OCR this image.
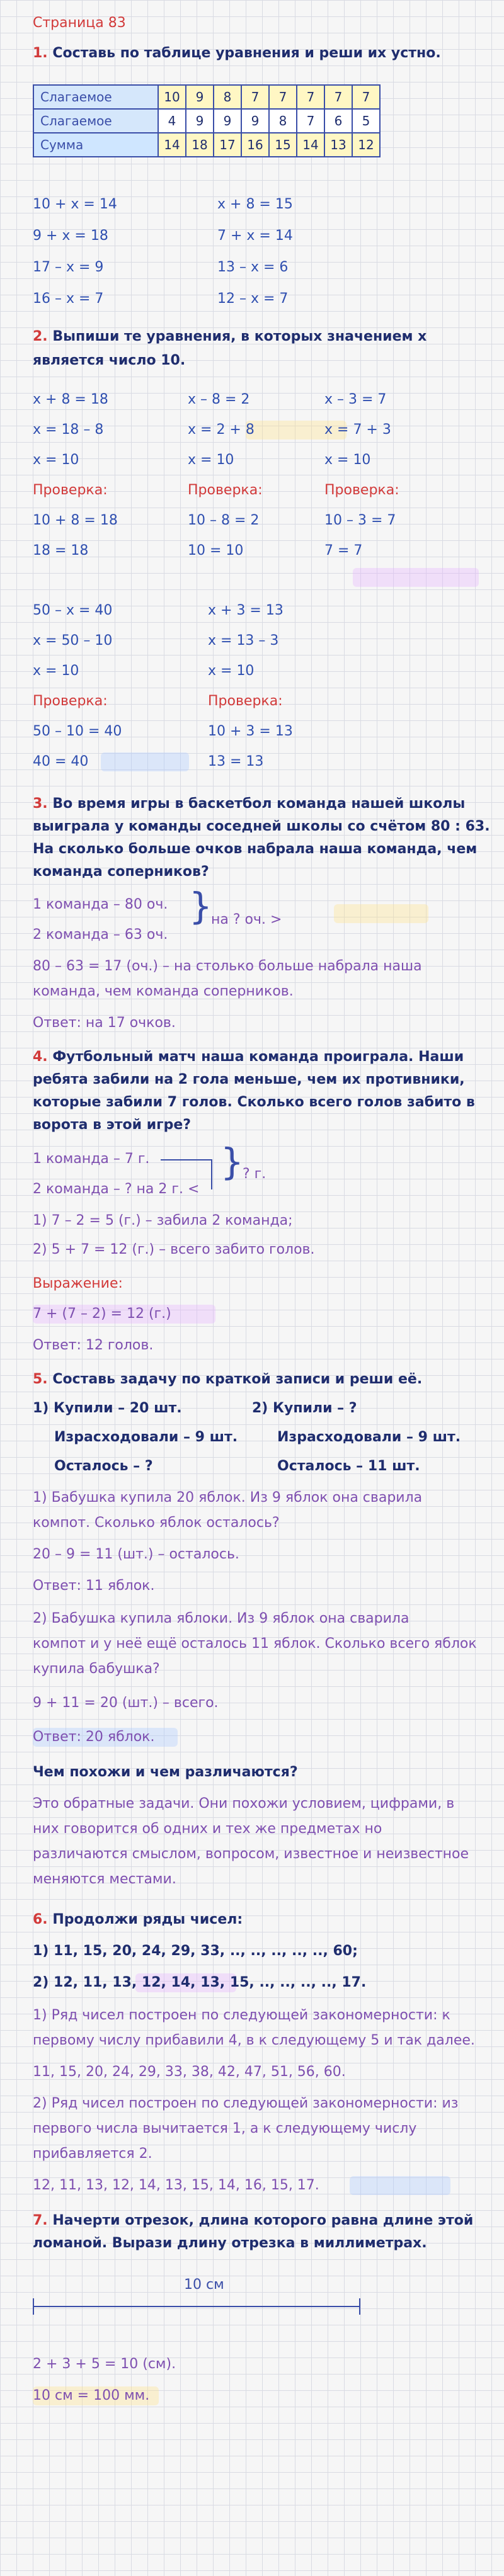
Страница 83
1. Составь по таблице уравнения и реши их устно.
Слагаемое	10	9	8	7	7	7	7	7
Слагаемое	4	9	9	9	8	7	6	5
Сумма	14	18	17	16	15	14	13	12
10 + x = 14
9 + x = 18
17 – x = 9
16 – x = 7
x + 8 = 15
7 + x = 14
13 – x = 6
12 – x = 7
2. Выпиши те уравнения, в которых значением x
является число 10.
x + 8 = 18
x = 18 – 8
x = 10
Проверка:
10 + 8 = 18
18 = 18
x – 8 = 2
x = 2 + 8
x = 10
Проверка:
10 – 8 = 2
10 = 10
x – 3 = 7
x = 7 + 3
x = 10
Проверка:
10 – 3 = 7
7 = 7
50 – x = 40
x = 50 – 10
x = 10
Проверка:
50 – 10 = 40
40 = 40
x + 3 = 13
x = 13 – 3
x = 10
Проверка:
10 + 3 = 13
13 = 13
3. Во время игры в баскетбол команда нашей школы
выиграла у команды соседней школы со счётом 80 : 63.
На сколько больше очков набрала наша команда, чем
команда соперников?
1 команда – 80 оч.
2 команда – 63 оч.
}
на ? оч. >
80 – 63 = 17 (оч.) – на столько больше набрала наша
команда, чем команда соперников.
Ответ: на 17 очков.
4. Футбольный матч наша команда проиграла. Наши
ребята забили на 2 гола меньше, чем их противники,
которые забили 7 голов. Сколько всего голов забито в
ворота в этой игре?
1 команда – 7 г.
2 команда – ? на 2 г. <
}
? г.
1) 7 – 2 = 5 (г.) – забила 2 команда;
2) 5 + 7 = 12 (г.) – всего забито голов.
Выражение:
7 + (7 – 2) = 12 (г.)
Ответ: 12 голов.
5. Составь задачу по краткой записи и реши её.
1) Купили – 20 шт.
Израсходовали – 9 шт.
Осталось – ?
2) Купили – ?
Израсходовали – 9 шт.
Осталось – 11 шт.
1) Бабушка купила 20 яблок. Из 9 яблок она сварила
компот. Сколько яблок осталось?
20 – 9 = 11 (шт.) – осталось.
Ответ: 11 яблок.
2) Бабушка купила яблоки. Из 9 яблок она сварила
компот и у неё ещё осталось 11 яблок. Сколько всего яблок
купила бабушка?
9 + 11 = 20 (шт.) – всего.
Ответ: 20 яблок.
Чем похожи и чем различаются?
Это обратные задачи. Они похожи условием, цифрами, в
них говорится об одних и тех же предметах но
различаются смыслом, вопросом, известное и неизвестное
меняются местами.
6. Продолжи ряды чисел:
1) 11, 15, 20, 24, 29, 33, .., .., .., .., .., 60;
2) 12, 11, 13, 12, 14, 13, 15, .., .., .., .., 17.
1) Ряд чисел построен по следующей закономерности: к
первому числу прибавили 4, в к следующему 5 и так далее.
11, 15, 20, 24, 29, 33, 38, 42, 47, 51, 56, 60.
2) Ряд чисел построен по следующей закономерности: из
первого числа вычитается 1, а к следующему числу
прибавляется 2.
12, 11, 13, 12, 14, 13, 15, 14, 16, 15, 17.
7. Начерти отрезок, длина которого равна длине этой
ломаной. Вырази длину отрезка в миллиметрах.
10 см
2 + 3 + 5 = 10 (см).
10 см = 100 мм.
